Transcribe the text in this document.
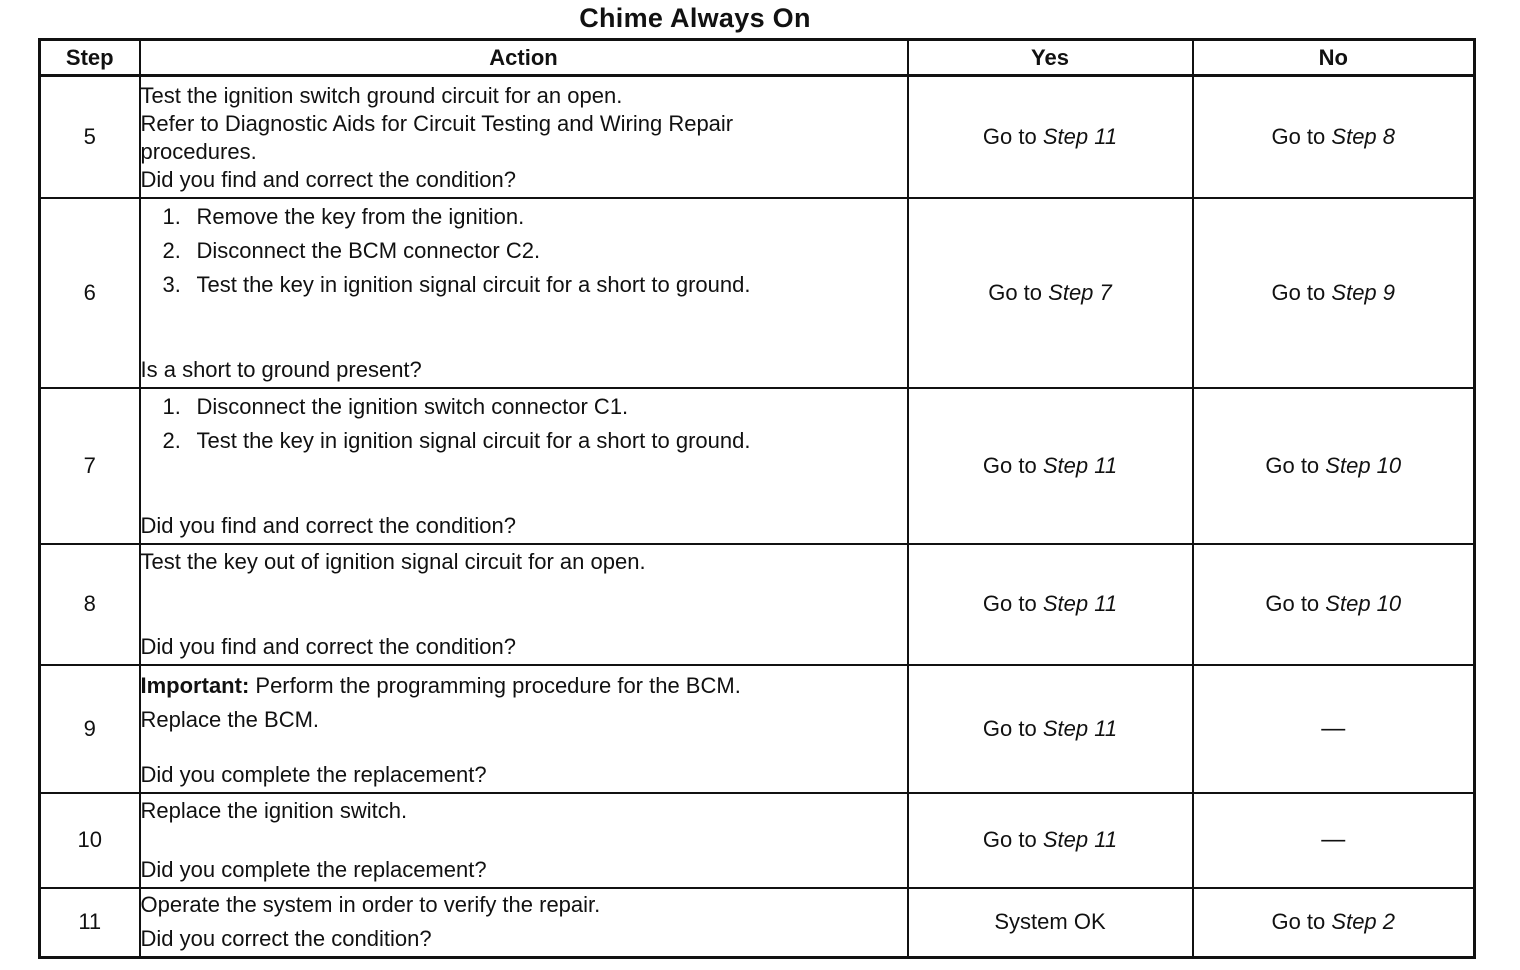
Chime Always On
Step	Action	Yes	No
5	Test the ignition switch ground circuit for an open.
Refer to Diagnostic Aids for Circuit Testing and Wiring Repair procedures.
Did you find and correct the condition?	Go to Step 11	Go to Step 8
6	1. Remove the key from the ignition.
2. Disconnect the BCM connector C2.
3. Test the key in ignition signal circuit for a short to ground.
Is a short to ground present?	Go to Step 7	Go to Step 9
7	1. Disconnect the ignition switch connector C1.
2. Test the key in ignition signal circuit for a short to ground.
Did you find and correct the condition?	Go to Step 11	Go to Step 10
8	Test the key out of ignition signal circuit for an open.
Did you find and correct the condition?	Go to Step 11	Go to Step 10
9	Important: Perform the programming procedure for the BCM.
Replace the BCM.
Did you complete the replacement?	Go to Step 11	—
10	Replace the ignition switch.
Did you complete the replacement?	Go to Step 11	—
11	Operate the system in order to verify the repair.
Did you correct the condition?	System OK	Go to Step 2
